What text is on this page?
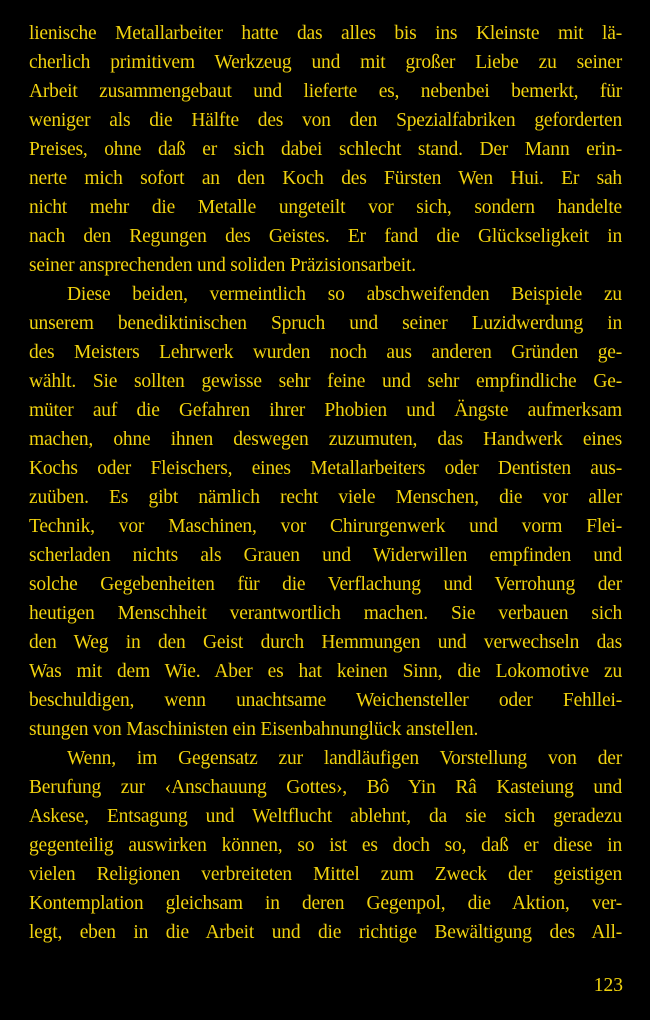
lienische Metallarbeiter hatte das alles bis ins Kleinste mit lä-
cherlich primitivem Werkzeug und mit großer Liebe zu seiner
Arbeit zusammengebaut und lieferte es, nebenbei bemerkt, für
weniger als die Hälfte des von den Spezialfabriken geforderten
Preises, ohne daß er sich dabei schlecht stand. Der Mann erin-
nerte mich sofort an den Koch des Fürsten Wen Hui. Er sah
nicht mehr die Metalle ungeteilt vor sich, sondern handelte
nach den Regungen des Geistes. Er fand die Glückseligkeit in
seiner ansprechenden und soliden Präzisionsarbeit.
Diese beiden, vermeintlich so abschweifenden Beispiele zu
unserem benediktinischen Spruch und seiner Luzidwerdung in
des Meisters Lehrwerk wurden noch aus anderen Gründen ge-
wählt. Sie sollten gewisse sehr feine und sehr empfindliche Ge-
müter auf die Gefahren ihrer Phobien und Ängste aufmerksam
machen, ohne ihnen deswegen zuzumuten, das Handwerk eines
Kochs oder Fleischers, eines Metallarbeiters oder Dentisten aus-
zuüben. Es gibt nämlich recht viele Menschen, die vor aller
Technik, vor Maschinen, vor Chirurgenwerk und vorm Flei-
scherladen nichts als Grauen und Widerwillen empfinden und
solche Gegebenheiten für die Verflachung und Verrohung der
heutigen Menschheit verantwortlich machen. Sie verbauen sich
den Weg in den Geist durch Hemmungen und verwechseln das
Was mit dem Wie. Aber es hat keinen Sinn, die Lokomotive zu
beschuldigen, wenn unachtsame Weichensteller oder Fehllei-
stungen von Maschinisten ein Eisenbahnunglück anstellen.
Wenn, im Gegensatz zur landläufigen Vorstellung von der
Berufung zur ‹Anschauung Gottes›, Bô Yin Râ Kasteiung und
Askese, Entsagung und Weltflucht ablehnt, da sie sich geradezu
gegenteilig auswirken können, so ist es doch so, daß er diese in
vielen Religionen verbreiteten Mittel zum Zweck der geistigen
Kontemplation gleichsam in deren Gegenpol, die Aktion, ver-
legt, eben in die Arbeit und die richtige Bewältigung des All-
123
